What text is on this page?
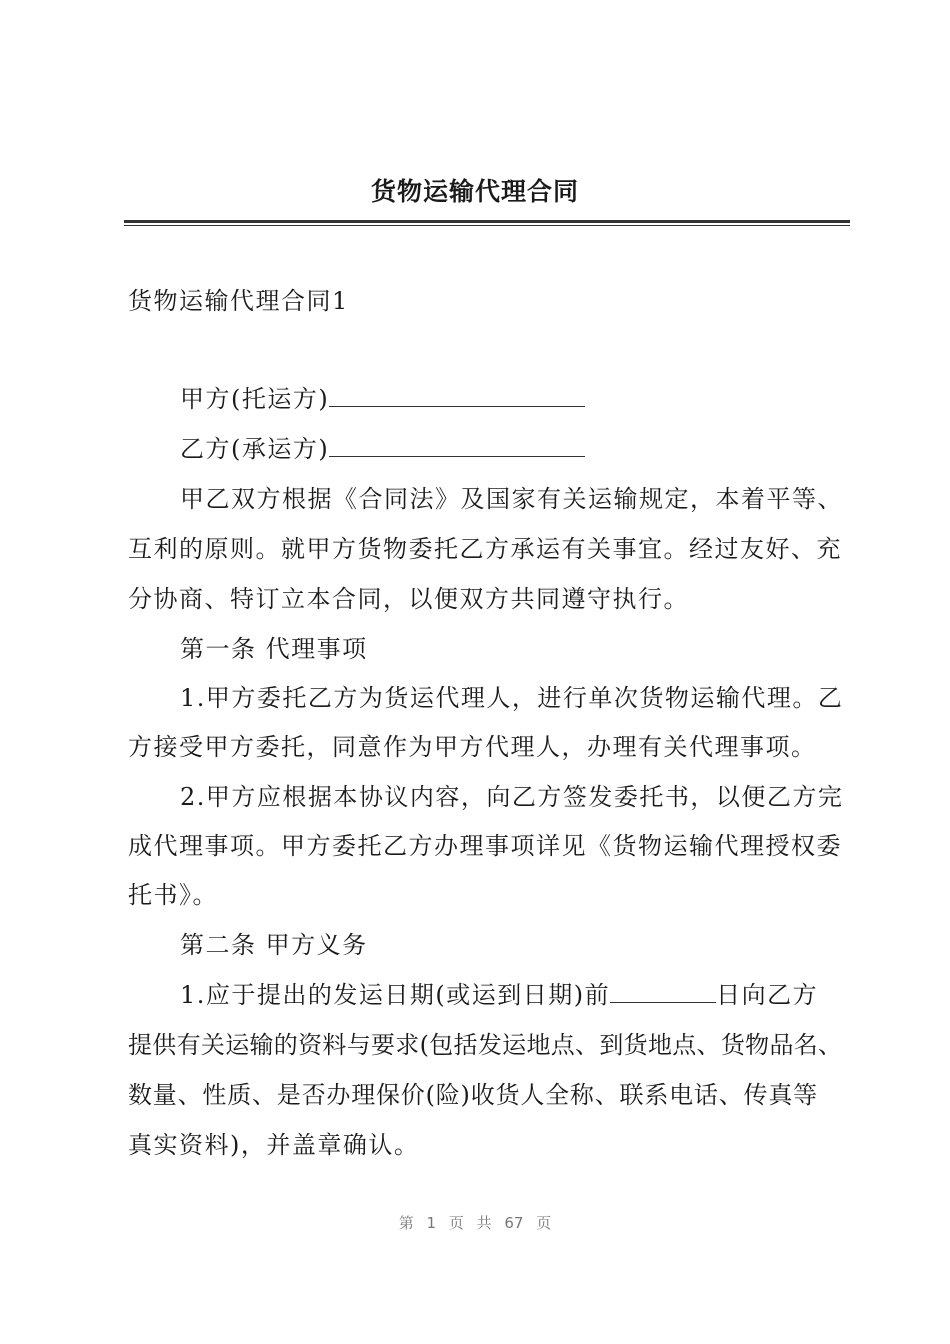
货物运输代理合同
货物运输代理合同1
甲方(托运方)
乙方(承运方)
甲乙双方根据《合同法》及国家有关运输规定，本着平等、
互利的原则。就甲方货物委托乙方承运有关事宜。经过友好、充
分协商、特订立本合同，以便双方共同遵守执行。
第一条 代理事项
1.甲方委托乙方为货运代理人，进行单次货物运输代理。乙
方接受甲方委托，同意作为甲方代理人，办理有关代理事项。
2.甲方应根据本协议内容，向乙方签发委托书，以便乙方完
成代理事项。甲方委托乙方办理事项详见《货物运输代理授权委
托书》。
第二条 甲方义务
1.应于提出的发运日期(或运到日期)前	日向乙方
提供有关运输的资料与要求(包括发运地点、到货地点、货物品名、
数量、性质、是否办理保价(险)收货人全称、联系电话、传真等
真实资料)，并盖章确认。
第 1 页 共 67 页
